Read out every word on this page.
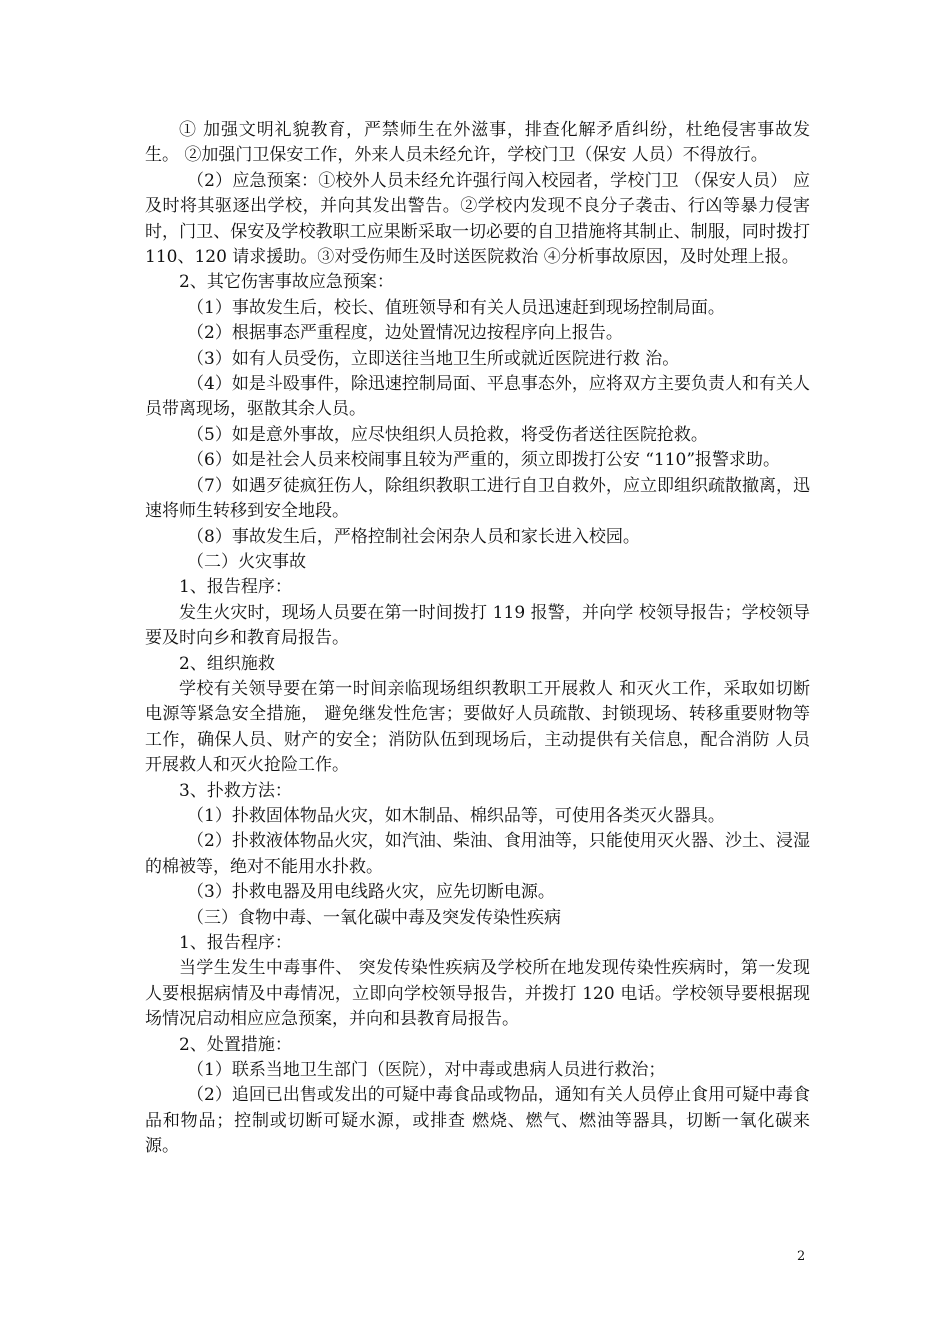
① 加强文明礼貌教育，严禁师生在外滋事，排查化解矛盾纠纷，杜绝侵害事故发生。 ②加强门卫保安工作，外来人员未经允许，学校门卫（保安 人员）不得放行。

（2）应急预案：①校外人员未经允许强行闯入校园者，学校门卫 （保安人员） 应及时将其驱逐出学校，并向其发出警告。②学校内发现不良分子袭击、行凶等暴力侵害时，门卫、保安及学校教职工应果断采取一切必要的自卫措施将其制止、制服，同时拨打 110、120 请求援助。③对受伤师生及时送医院救治 ④分析事故原因，及时处理上报。

2、其它伤害事故应急预案：

（1）事故发生后，校长、值班领导和有关人员迅速赶到现场控制局面。

（2）根据事态严重程度，边处置情况边按程序向上报告。

（3）如有人员受伤，立即送往当地卫生所或就近医院进行救 治。

（4）如是斗殴事件，除迅速控制局面、平息事态外，应将双方主要负责人和有关人员带离现场，驱散其余人员。

（5）如是意外事故，应尽快组织人员抢救，将受伤者送往医院抢救。

（6）如是社会人员来校闹事且较为严重的，须立即拨打公安 “110”报警求助。

（7）如遇歹徒疯狂伤人，除组织教职工进行自卫自救外，应立即组织疏散撤离，迅速将师生转移到安全地段。

（8）事故发生后，严格控制社会闲杂人员和家长进入校园。

（二）火灾事故

1、报告程序：

发生火灾时，现场人员要在第一时间拨打 119 报警，并向学 校领导报告；学校领导要及时向乡和教育局报告。

2、组织施救

学校有关领导要在第一时间亲临现场组织教职工开展救人 和灭火工作，采取如切断电源等紧急安全措施， 避免继发性危害；要做好人员疏散、封锁现场、转移重要财物等工作，确保人员、财产的安全；消防队伍到现场后，主动提供有关信息，配合消防 人员开展救人和灭火抢险工作。

3、扑救方法：

（1）扑救固体物品火灾，如木制品、棉织品等，可使用各类灭火器具。

（2）扑救液体物品火灾，如汽油、柴油、食用油等，只能使用灭火器、沙土、浸湿的棉被等，绝对不能用水扑救。

（3）扑救电器及用电线路火灾，应先切断电源。

（三）食物中毒、一氧化碳中毒及突发传染性疾病

1、报告程序：

当学生发生中毒事件、 突发传染性疾病及学校所在地发现传染性疾病时，第一发现人要根据病情及中毒情况，立即向学校领导报告，并拨打 120 电话。学校领导要根据现场情况启动相应应急预案，并向和县教育局报告。

2、处置措施：

（1）联系当地卫生部门（医院），对中毒或患病人员进行救治；

（2）追回已出售或发出的可疑中毒食品或物品，通知有关人员停止食用可疑中毒食品和物品；控制或切断可疑水源，或排查 燃烧、燃气、燃油等器具，切断一氧化碳来源。

2
